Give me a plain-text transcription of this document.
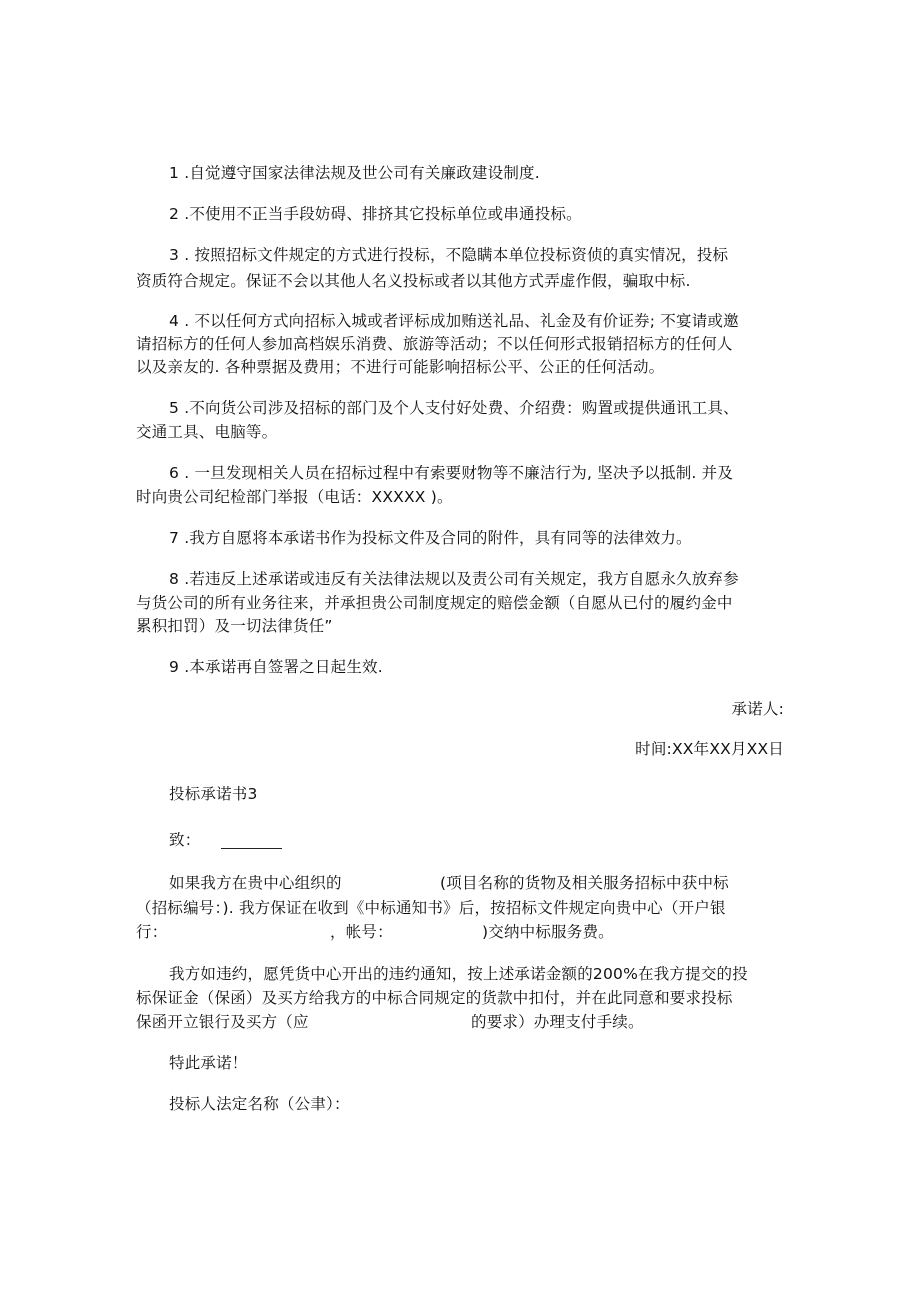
1 .自觉遵守国家法律法规及世公司有关廉政建设制度.
2 .不使用不正当手段妨碍、排挤其它投标单位或串通投标。
3 . 按照招标文件规定的方式进行投标，不隐瞒本单位投标资侦的真实情况，投标
资质符合规定。保证不会以其他人名义投标或者以其他方式弄虚作假，骗取中标.
4 . 不以任何方式向招标入城或者评标成加贿送礼品、礼金及有价证券; 不宴请或邀
请招标方的任何人参加高档娱乐消费、旅游等活动；不以任何形式报销招标方的任何人
以及亲友的. 各种票据及费用；不进行可能影响招标公平、公正的任何活动。
5 .不向货公司涉及招标的部门及个人支付好处费、介绍费：购置或提供通讯工具、
交通工具、电脑等。
6 . 一旦发现相关人员在招标过程中有索要财物等不廉洁行为, 坚决予以抵制. 并及
时向贵公司纪检部门举报（电话：XXXXX )。
7 .我方自愿将本承诺书作为投标文件及合同的附件，具有同等的法律效力。
8 .若违反上述承诺或违反有关法律法规以及责公司有关规定，我方自愿永久放弃参
与货公司的所有业务往来，并承担贵公司制度规定的赔偿金额（自愿从已付的履约金中
累积扣罚）及一切法律货任”
9 .本承诺再自签署之日起生效.
承诺人:
时间:XX年XX月XX日
投标承诺书3
致：
如果我方在贵中心组织的	(项目名称的货物及相关服务招标中获中标
（招标编号：). 我方保证在收到《中标通知书》后，按招标文件规定向贵中心（开户银
行：	，帐号：	)交纳中标服务费。
我方如违约，愿凭货中心开出的违约通知，按上述承诺金额的200%在我方提交的投
标保证金（保函）及买方给我方的中标合同规定的货款中扣付，并在此同意和要求投标
保函开立银行及买方（应	的要求）办理支付手续。
特此承诺！
投标人法定名称（公聿）：
